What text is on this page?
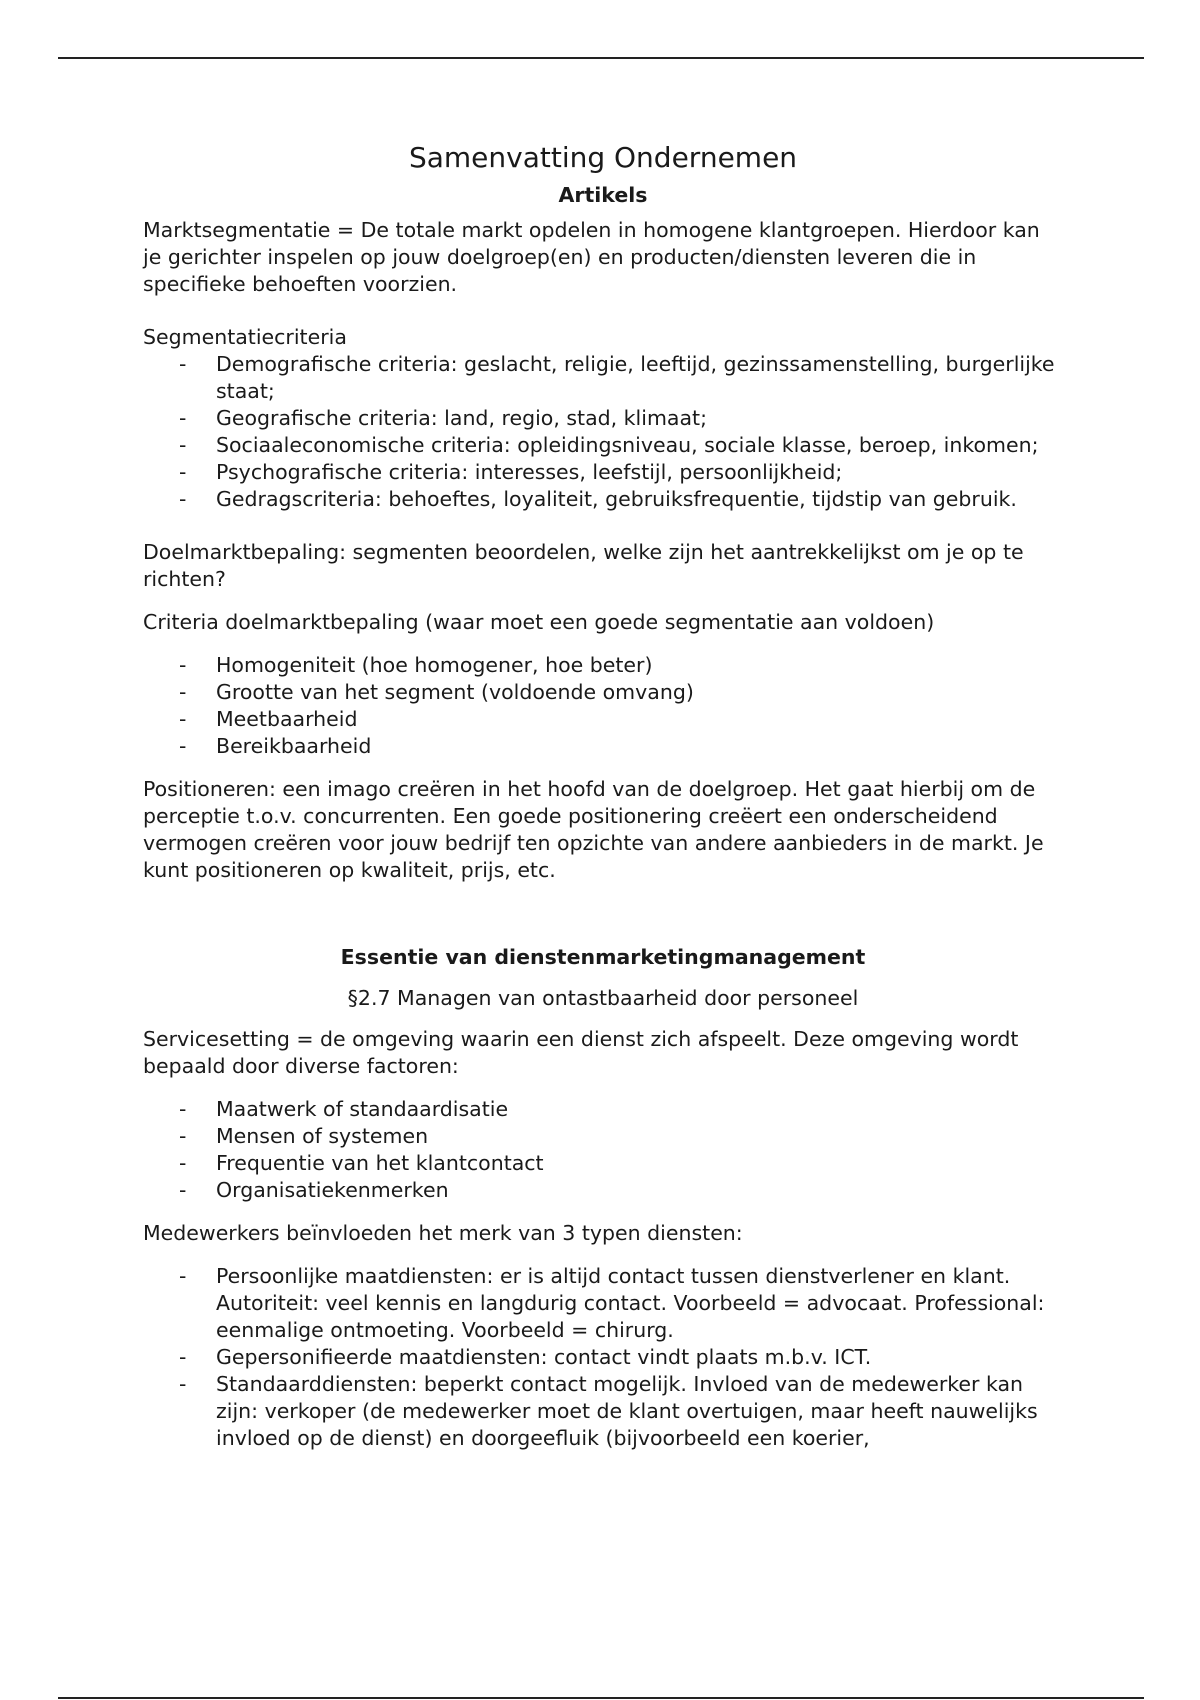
Samenvatting Ondernemen
Artikels

Marktsegmentatie = De totale markt opdelen in homogene klantgroepen. Hierdoor kan je gerichter inspelen op jouw doelgroep(en) en producten/diensten leveren die in specifieke behoeften voorzien.

Segmentatiecriteria

- Demografische criteria: geslacht, religie, leeftijd, gezinssamenstelling, burgerlijke staat;
- Geografische criteria: land, regio, stad, klimaat;
- Sociaaleconomische criteria: opleidingsniveau, sociale klasse, beroep, inkomen;
- Psychografische criteria: interesses, leefstijl, persoonlijkheid;
- Gedragscriteria: behoeftes, loyaliteit, gebruiksfrequentie, tijdstip van gebruik.

Doelmarktbepaling: segmenten beoordelen, welke zijn het aantrekkelijkst om je op te richten?

Criteria doelmarktbepaling (waar moet een goede segmentatie aan voldoen)

- Homogeniteit (hoe homogener, hoe beter)
- Grootte van het segment (voldoende omvang)
- Meetbaarheid
- Bereikbaarheid

Positioneren: een imago creëren in het hoofd van de doelgroep. Het gaat hierbij om de perceptie t.o.v. concurrenten. Een goede positionering creëert een onderscheidend vermogen creëren voor jouw bedrijf ten opzichte van andere aanbieders in de markt. Je kunt positioneren op kwaliteit, prijs, etc.

Essentie van dienstenmarketingmanagement
§2.7 Managen van ontastbaarheid door personeel

Servicesetting = de omgeving waarin een dienst zich afspeelt. Deze omgeving wordt bepaald door diverse factoren:

- Maatwerk of standaardisatie
- Mensen of systemen
- Frequentie van het klantcontact
- Organisatiekenmerken

Medewerkers beïnvloeden het merk van 3 typen diensten:

- Persoonlijke maatdiensten: er is altijd contact tussen dienstverlener en klant. Autoriteit: veel kennis en langdurig contact. Voorbeeld = advocaat. Professional: eenmalige ontmoeting. Voorbeeld = chirurg.
- Gepersonifieerde maatdiensten: contact vindt plaats m.b.v. ICT.
- Standaarddiensten: beperkt contact mogelijk. Invloed van de medewerker kan zijn: verkoper (de medewerker moet de klant overtuigen, maar heeft nauwelijks invloed op de dienst) en doorgeefluik (bijvoorbeeld een koerier,
